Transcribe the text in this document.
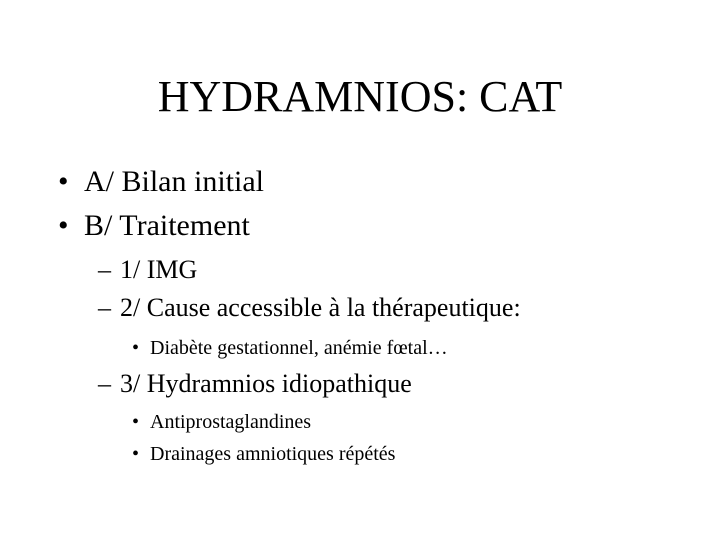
HYDRAMNIOS: CAT
• A/ Bilan initial
• B/ Traitement
– 1/ IMG
– 2/ Cause accessible à la thérapeutique:
• Diabète gestationnel, anémie fœtal…
– 3/ Hydramnios idiopathique
• Antiprostaglandines
• Drainages amniotiques répétés
